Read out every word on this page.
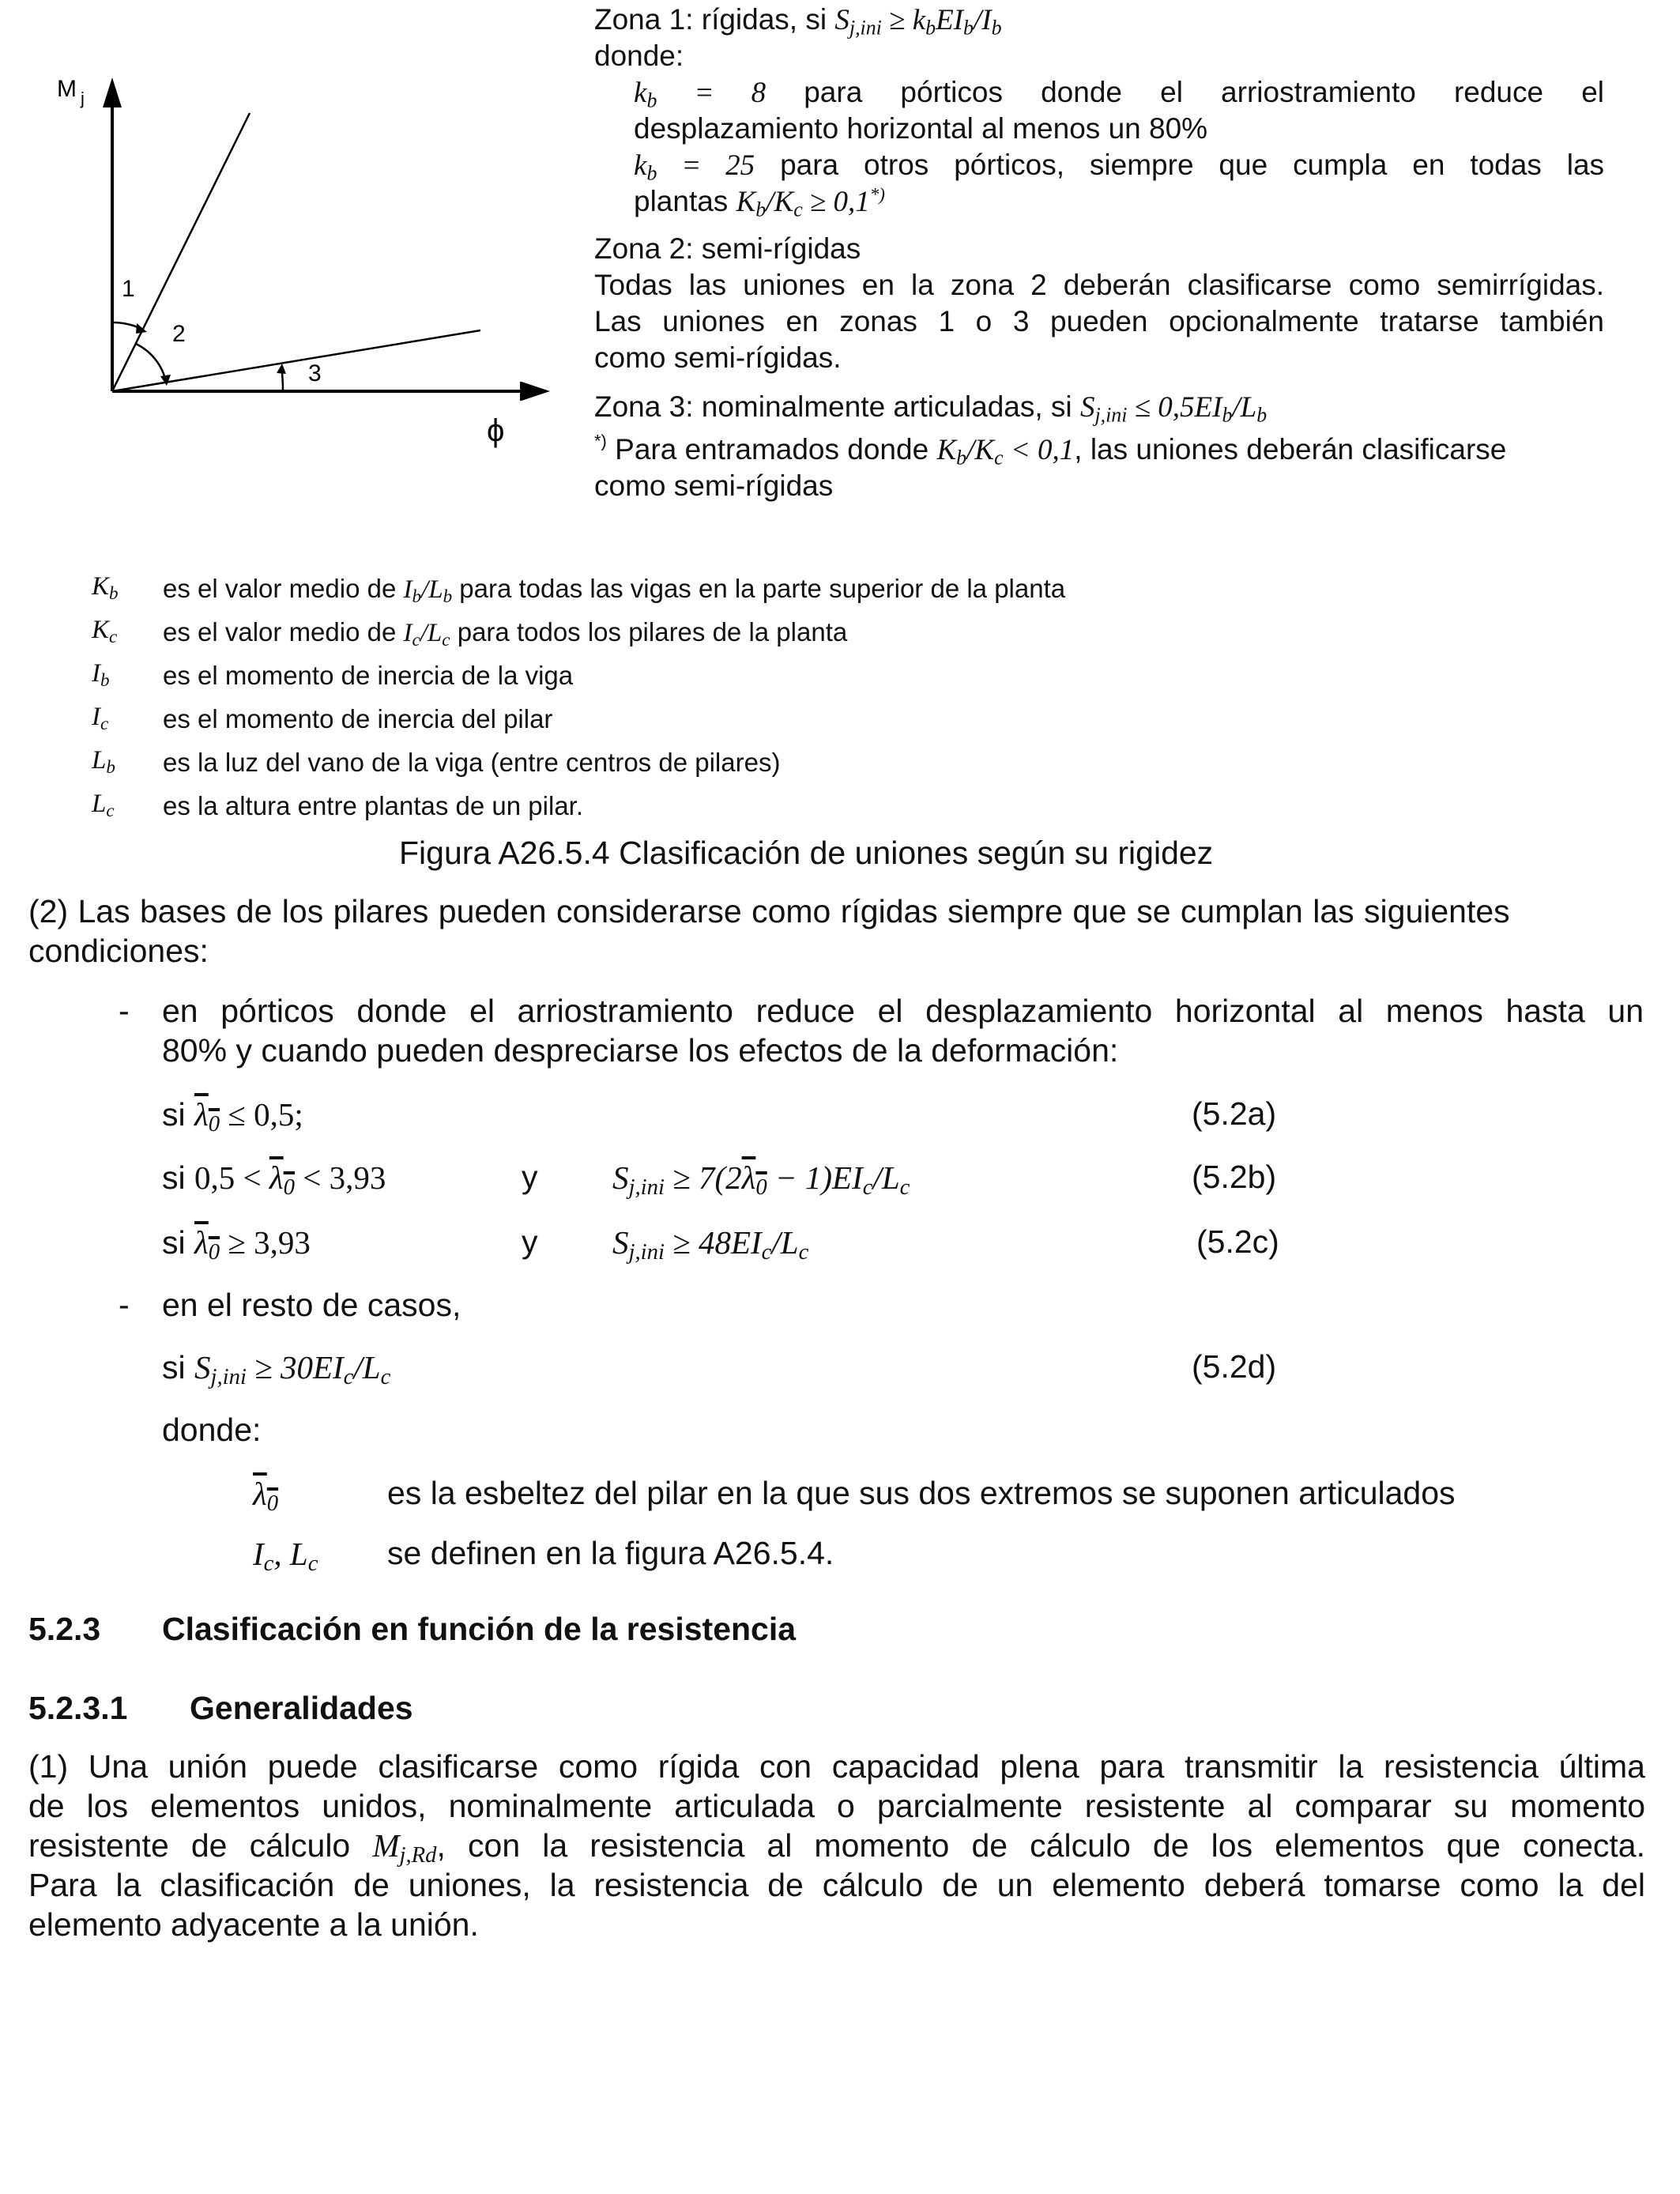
M j
ϕ
1
2
3
Zona 1: rígidas, si $S_{j,ini} \ge k_bEI_b/I_b$
donde:
$k_b = 8$ para pórticos donde el arriostramiento reduce el
desplazamiento horizontal al menos un 80%
$k_b = 25$ para otros pórticos, siempre que cumpla en todas las
plantas $K_b/K_c \ge 0,1^{*)}$
Zona 2: semi-rígidas
Todas las uniones en la zona 2 deberán clasificarse como semirrígidas.
Las uniones en zonas 1 o 3 pueden opcionalmente tratarse también
como semi-rígidas.
Zona 3: nominalmente articuladas, si $S_{j,ini} \le 0,5EI_b/L_b$
*) Para entramados donde $K_b/K_c < 0,1$, las uniones deberán clasificarse
como semi-rígidas
$K_b$ es el valor medio de $I_b/L_b$ para todas las vigas en la parte superior de la planta
$K_c$ es el valor medio de $I_c/L_c$ para todos los pilares de la planta
$I_b$ es el momento de inercia de la viga
$I_c$ es el momento de inercia del pilar
$L_b$ es la luz del vano de la viga (entre centros de pilares)
$L_c$ es la altura entre plantas de un pilar.
Figura A26.5.4 Clasificación de uniones según su rigidez
(2) Las bases de los pilares pueden considerarse como rígidas siempre que se cumplan las siguientes
condiciones:
- en pórticos donde el arriostramiento reduce el desplazamiento horizontal al menos hasta un
80% y cuando pueden despreciarse los efectos de la deformación:
si $\lambda_0 \le 0,5$;	(5.2a)
si $0,5 < \lambda_0 < 3,93$	y $S_{j,ini} \ge 7(2\lambda_0 - 1)EI_c/L_c$	(5.2b)
si $\lambda_0 \ge 3,93$	y $S_{j,ini} \ge 48EI_c/L_c$	(5.2c)
- en el resto de casos,
si $S_{j,ini} \ge 30EI_c/L_c$	(5.2d)
donde:
$\lambda_0$	es la esbeltez del pilar en la que sus dos extremos se suponen articulados
$I_c$, $L_c$ se definen en la figura A26.5.4.
5.2.3 Clasificación en función de la resistencia
5.2.3.1 Generalidades
(1) Una unión puede clasificarse como rígida con capacidad plena para transmitir la resistencia última
de los elementos unidos, nominalmente articulada o parcialmente resistente al comparar su momento
resistente de cálculo $M_{j,Rd}$, con la resistencia al momento de cálculo de los elementos que conecta.
Para la clasificación de uniones, la resistencia de cálculo de un elemento deberá tomarse como la del
elemento adyacente a la unión.
